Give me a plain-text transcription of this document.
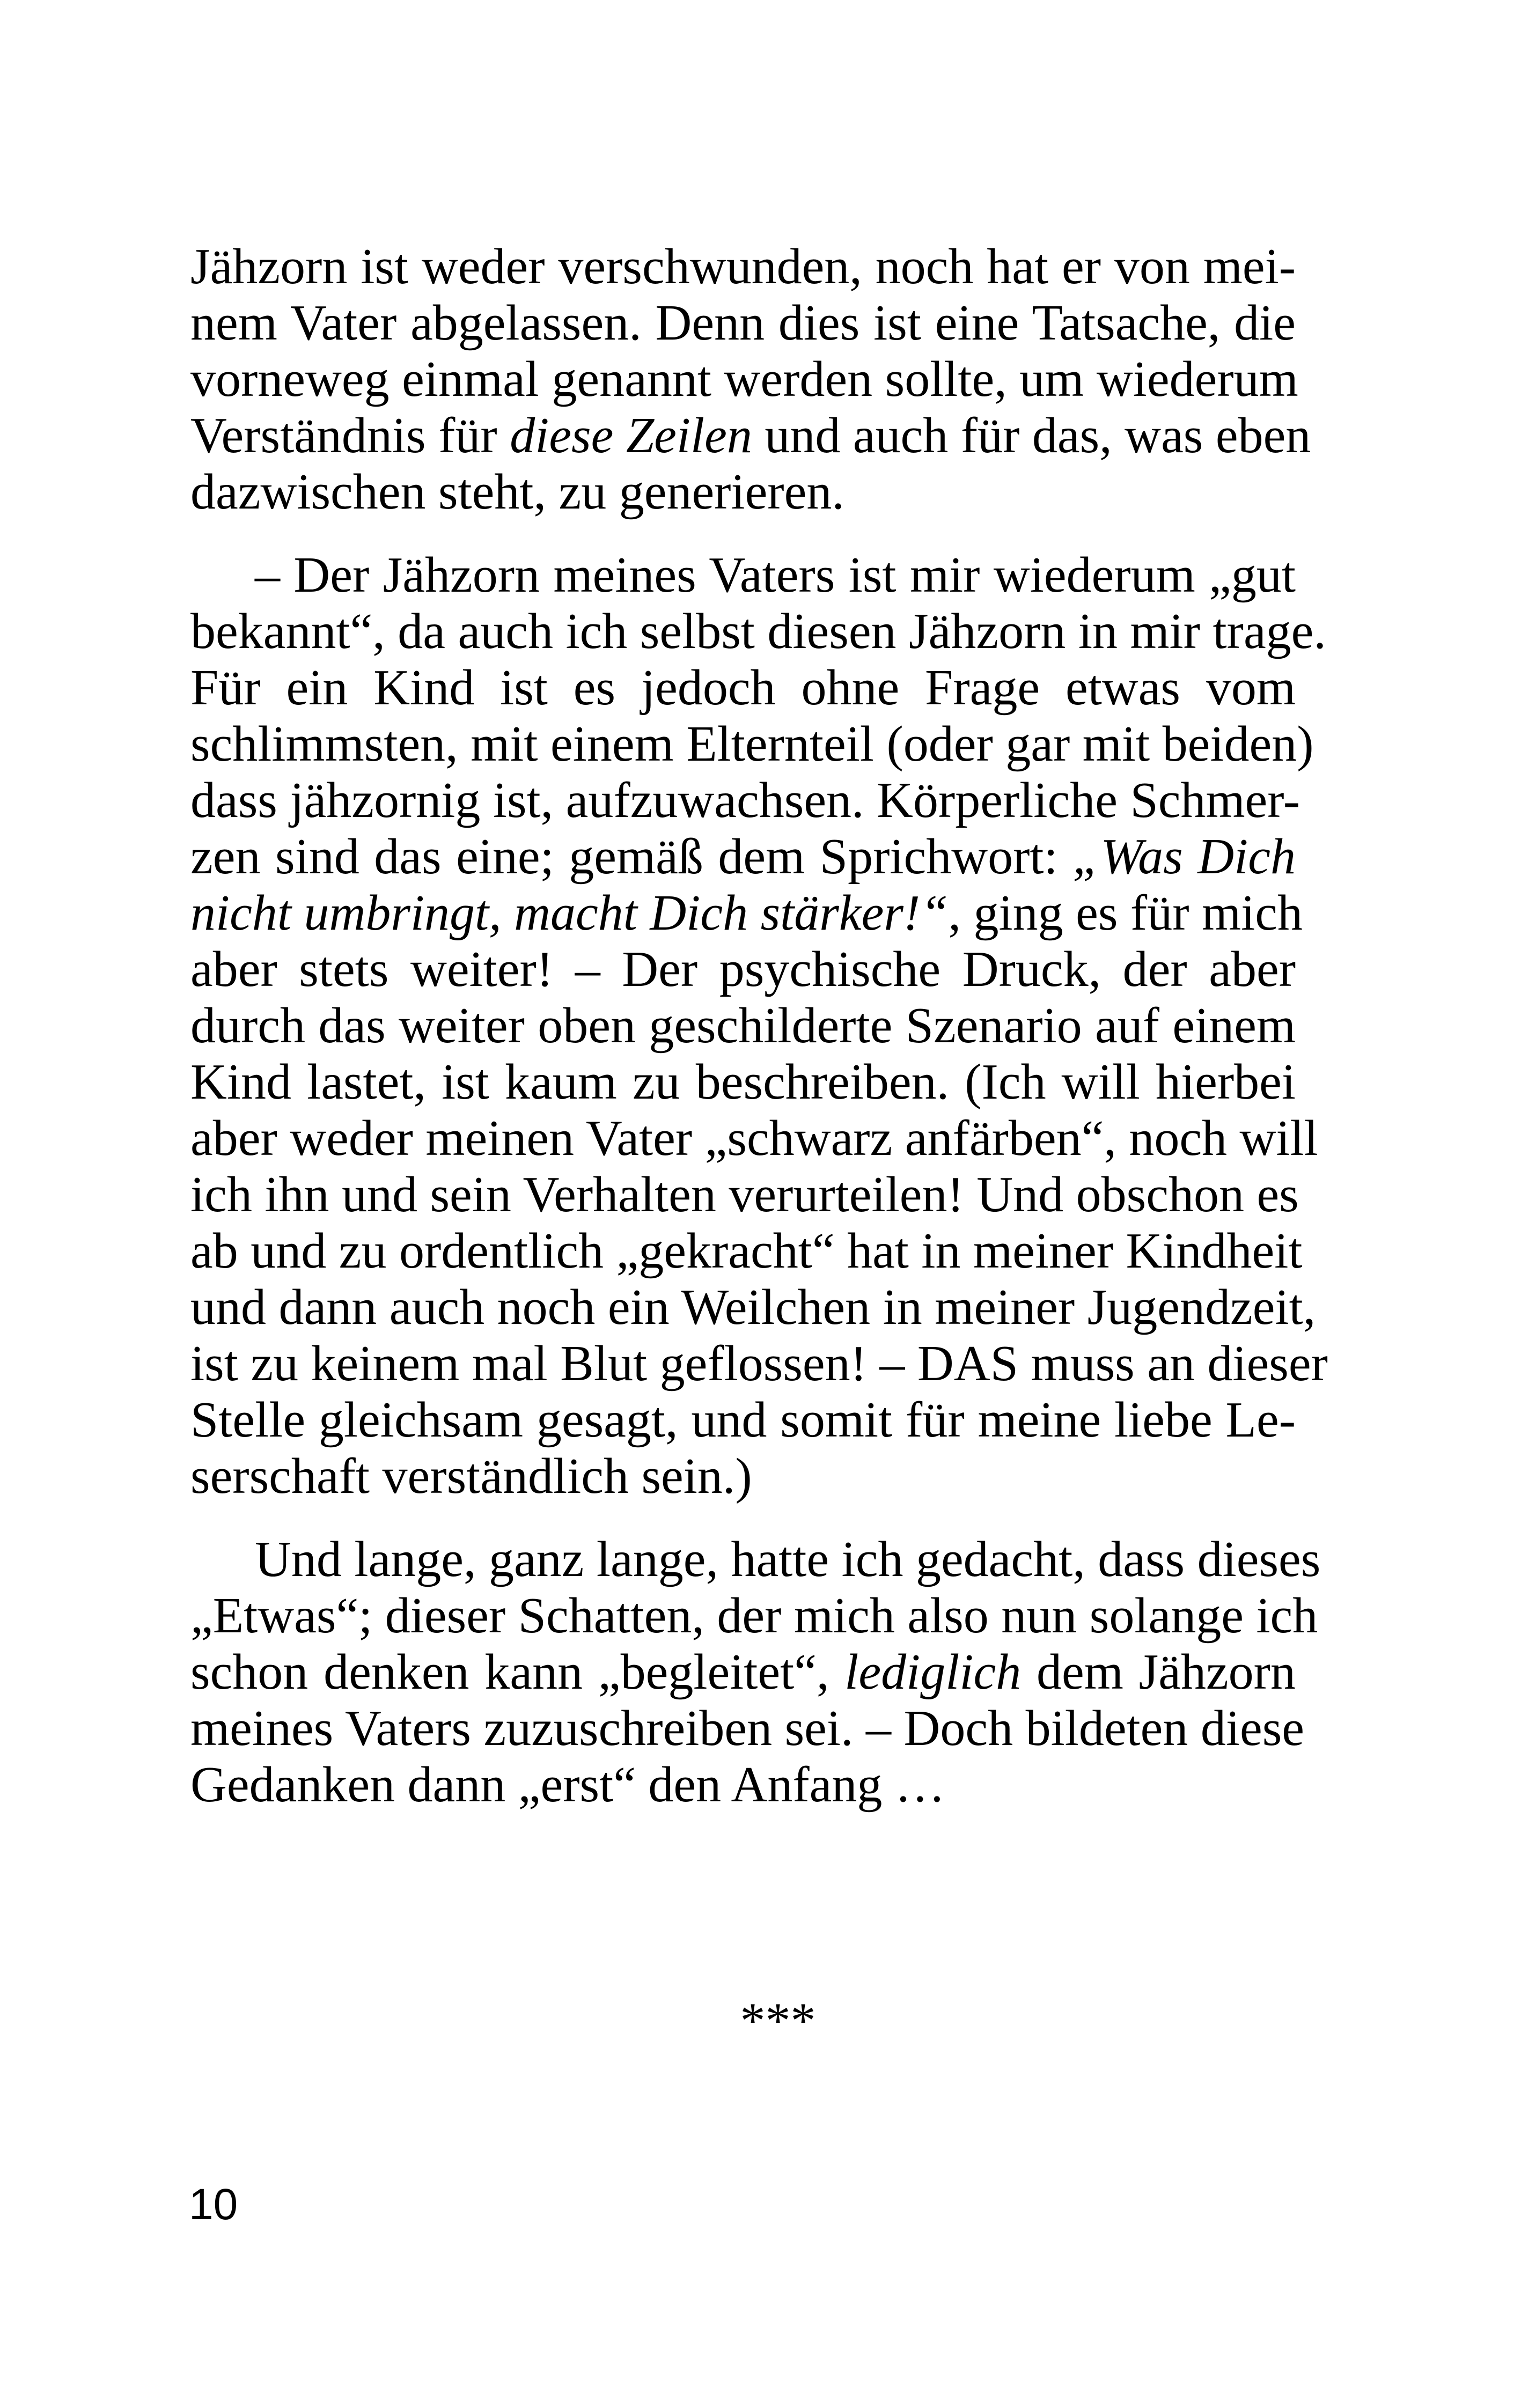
Jähzorn ist weder verschwunden, noch hat er von mei-
nem Vater abgelassen. Denn dies ist eine Tatsache, die
vorneweg einmal genannt werden sollte, um wiederum
Verständnis für diese Zeilen und auch für das, was eben
dazwischen steht, zu generieren.

– Der Jähzorn meines Vaters ist mir wiederum „gut
bekannt“, da auch ich selbst diesen Jähzorn in mir trage.
Für ein Kind ist es jedoch ohne Frage etwas vom
schlimmsten, mit einem Elternteil (oder gar mit beiden)
dass jähzornig ist, aufzuwachsen. Körperliche Schmer-
zen sind das eine; gemäß dem Sprichwort: „Was Dich
nicht umbringt, macht Dich stärker!“, ging es für mich
aber stets weiter! – Der psychische Druck, der aber
durch das weiter oben geschilderte Szenario auf einem
Kind lastet, ist kaum zu beschreiben. (Ich will hierbei
aber weder meinen Vater „schwarz anfärben“, noch will
ich ihn und sein Verhalten verurteilen! Und obschon es
ab und zu ordentlich „gekracht“ hat in meiner Kindheit
und dann auch noch ein Weilchen in meiner Jugendzeit,
ist zu keinem mal Blut geflossen! – DAS muss an dieser
Stelle gleichsam gesagt, und somit für meine liebe Le-
serschaft verständlich sein.)

Und lange, ganz lange, hatte ich gedacht, dass dieses
„Etwas“; dieser Schatten, der mich also nun solange ich
schon denken kann „begleitet“, lediglich dem Jähzorn
meines Vaters zuzuschreiben sei. – Doch bildeten diese
Gedanken dann „erst“ den Anfang …

***
10
